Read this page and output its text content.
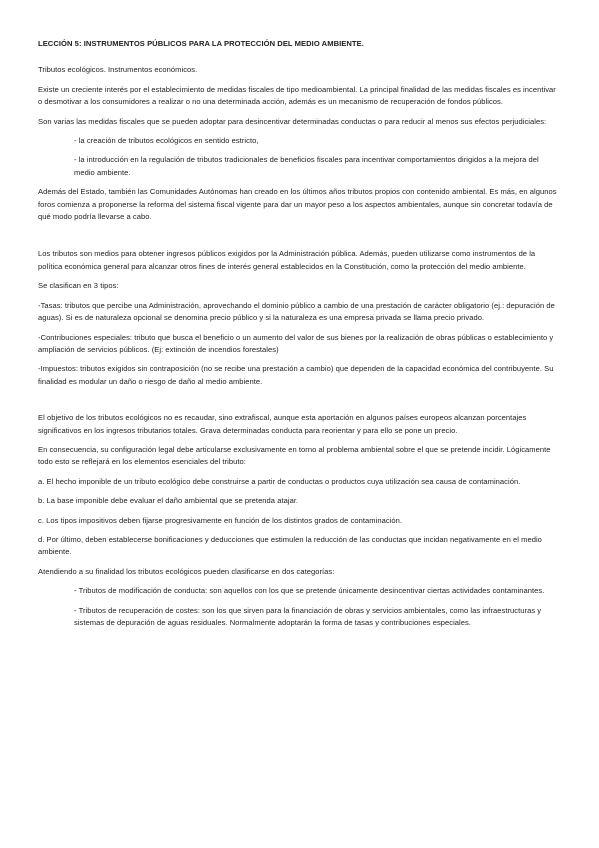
LECCIÓN 5: INSTRUMENTOS PÚBLICOS PARA LA PROTECCIÓN DEL MEDIO AMBIENTE.

Tributos ecológicos. Instrumentos económicos.

Existe un creciente interés por el establecimiento de medidas fiscales de tipo medioambiental. La principal finalidad de las medidas fiscales es incentivar o desmotivar a los consumidores a realizar o no una determinada acción, además es un mecanismo de recuperación de fondos públicos.

Son varias las medidas fiscales que se pueden adoptar para desincentivar determinadas conductas o para reducir al menos sus efectos perjudiciales:

- la creación de tributos ecológicos en sentido estricto,

- la introducción en la regulación de tributos tradicionales de beneficios fiscales para incentivar comportamientos dirigidos a la mejora del medio ambiente.

Además del Estado, también las Comunidades Autónomas han creado en los últimos años tributos propios con contenido ambiental. Es más, en algunos foros comienza a proponerse la reforma del sistema fiscal vigente para dar un mayor peso a los aspectos ambientales, aunque sin concretar todavía de qué modo podría llevarse a cabo.

Los tributos son medios para obtener ingresos públicos exigidos por la Administración pública. Además, pueden utilizarse como instrumentos de la política económica general para alcanzar otros fines de interés general establecidos en la Constitución, como la protección del medio ambiente.

Se clasifican en 3 tipos:

-Tasas: tributos que percibe una Administración, aprovechando el dominio público a cambio de una prestación de carácter obligatorio (ej.: depuración de aguas). Si es de naturaleza opcional se denomina precio público y si la naturaleza es una empresa privada se llama precio privado.

-Contribuciones especiales: tributo que busca el beneficio o un aumento del valor de sus bienes por la realización de obras públicas o establecimiento y ampliación de servicios públicos. (Ej: extinción de incendios forestales)

-Impuestos: tributos exigidos sin contraposición (no se recibe una prestación a cambio) que dependen de la capacidad económica del contribuyente. Su finalidad es modular un daño o riesgo de daño al medio ambiente.

El objetivo de los tributos ecológicos no es recaudar, sino extrafiscal, aunque esta aportación en algunos países europeos alcanzan porcentajes significativos en los ingresos tributarios totales. Grava determinadas conducta para reorientar y para ello se pone un precio.

En consecuencia, su configuración legal debe articularse exclusivamente en torno al problema ambiental sobre el que se pretende incidir. Lógicamente todo esto se reflejará en los elementos esenciales del tributo:

a. El hecho imponible de un tributo ecológico debe construirse a partir de conductas o productos cuya utilización sea causa de contaminación.

b. La base imponible debe evaluar el daño ambiental que se pretenda atajar.

c. Los tipos impositivos deben fijarse progresivamente en función de los distintos grados de contaminación.

d. Por último, deben establecerse bonificaciones y deducciones que estimulen la reducción de las conductas que incidan negativamente en el medio ambiente.

Atendiendo a su finalidad los tributos ecológicos pueden clasificarse en dos categorías:

- Tributos de modificación de conducta: son aquellos con los que se pretende únicamente desincentivar ciertas actividades contaminantes.

- Tributos de recuperación de costes: son los que sirven para la financiación de obras y servicios ambientales, como las infraestructuras y sistemas de depuración de aguas residuales. Normalmente adoptarán la forma de tasas y contribuciones especiales.
